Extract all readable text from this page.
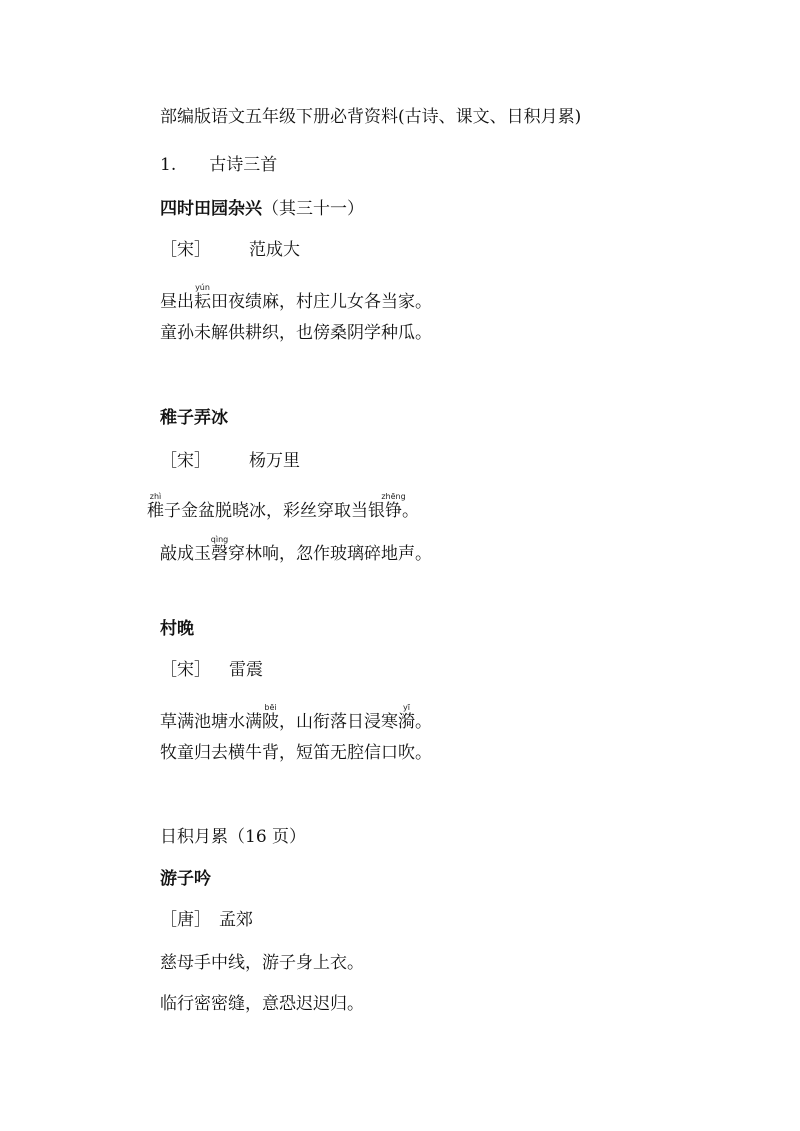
部编版语文五年级下册必背资料(古诗、课文、日积月累)
1. 古诗三首
四时田园杂兴（其三十一）
［宋］ 范成大
昼出耘yún田夜绩麻，村庄儿女各当家。
童孙未解供耕织，也傍桑阴学种瓜。
稚子弄冰
［宋］ 杨万里
稚zhì子金盆脱晓冰，彩丝穿取当银铮zhēng。
敲成玉磬qìng穿林响，忽作玻璃碎地声。
村晚
［宋］ 雷震
草满池塘水满陂bēi，山衔落日浸寒漪yī。
牧童归去横牛背，短笛无腔信口吹。
日积月累（16 页）
游子吟
［唐］ 孟郊
慈母手中线，游子身上衣。
临行密密缝，意恐迟迟归。
